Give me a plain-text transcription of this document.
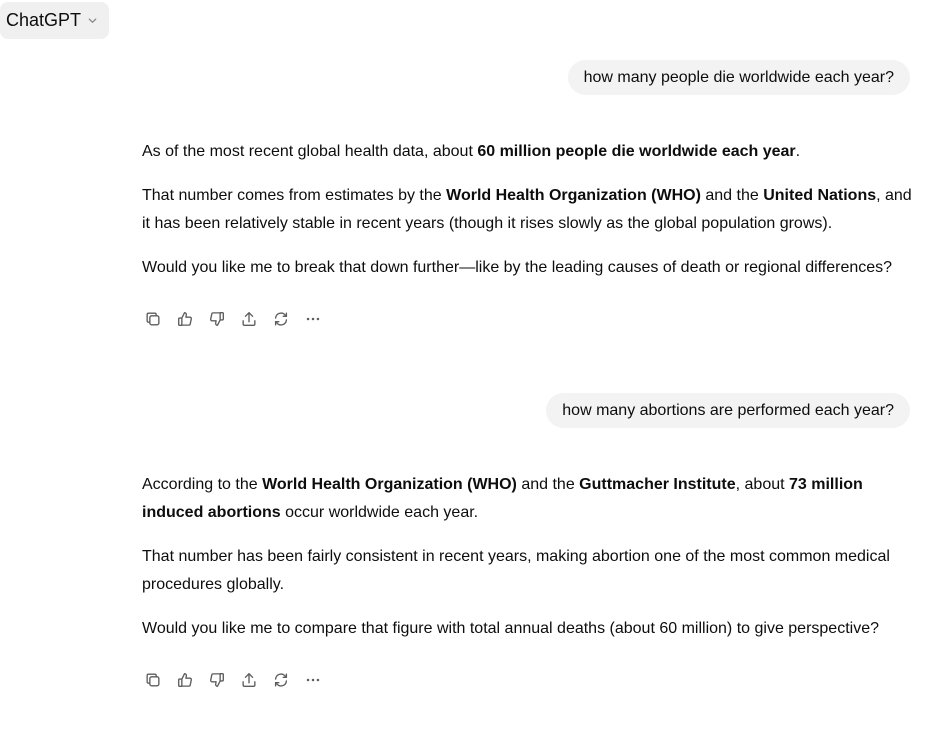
ChatGPT
how many people die worldwide each year?

As of the most recent global health data, about 60 million people die worldwide each year.

That number comes from estimates by the World Health Organization (WHO) and the United Nations, and it has been relatively stable in recent years (though it rises slowly as the global population grows).

Would you like me to break that down further—like by the leading causes of death or regional differences?

how many abortions are performed each year?

According to the World Health Organization (WHO) and the Guttmacher Institute, about 73 million induced abortions occur worldwide each year.

That number has been fairly consistent in recent years, making abortion one of the most common medical procedures globally.

Would you like me to compare that figure with total annual deaths (about 60 million) to give perspective?
